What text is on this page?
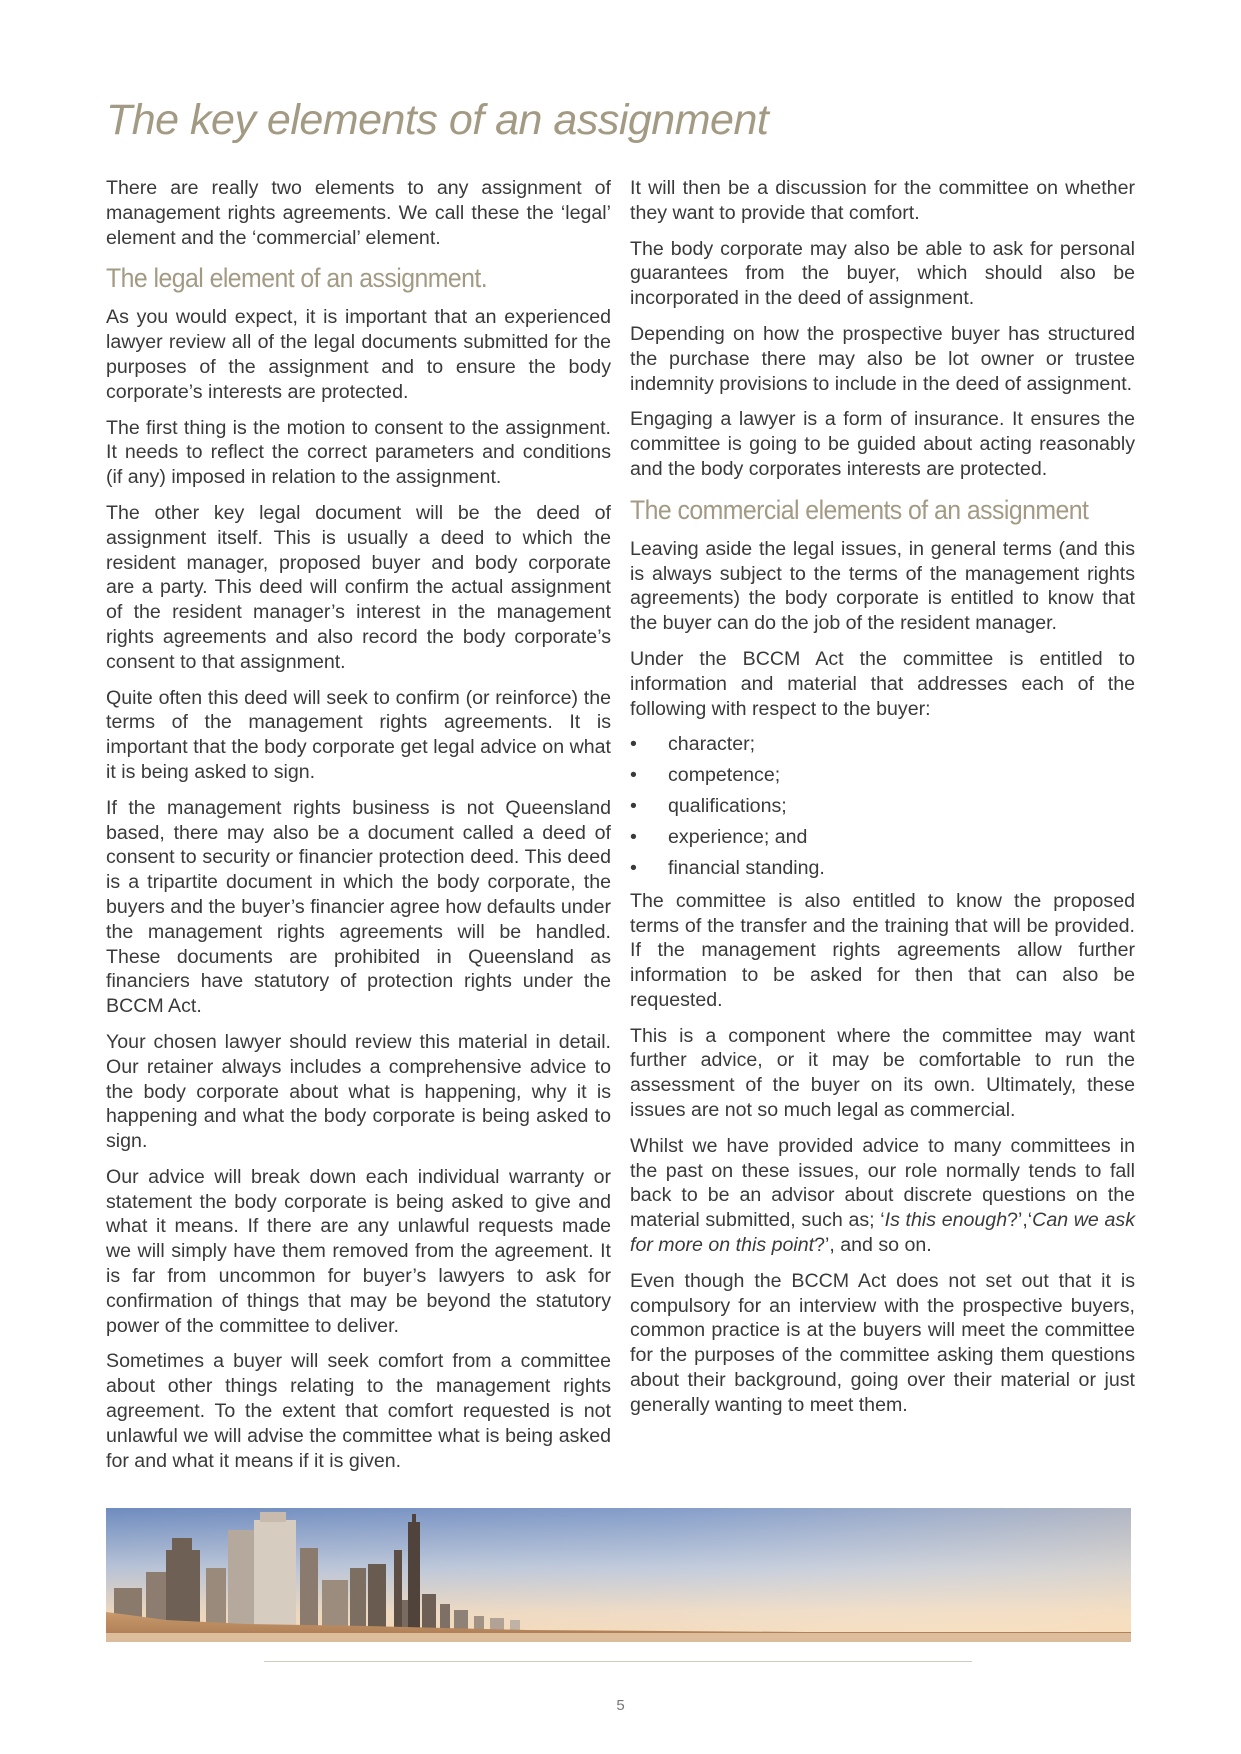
The key elements of an assignment

There are really two elements to any assignment of management rights agreements. We call these the ‘legal’ element and the ‘commercial’ element.

The legal element of an assignment.

As you would expect, it is important that an experienced lawyer review all of the legal documents submitted for the purposes of the assignment and to ensure the body corporate’s interests are protected.

The first thing is the motion to consent to the assignment. It needs to reflect the correct parameters and conditions (if any) imposed in relation to the assignment.

The other key legal document will be the deed of assignment itself. This is usually a deed to which the resident manager, proposed buyer and body corporate are a party. This deed will confirm the actual assignment of the resident manager’s interest in the management rights agreements and also record the body corporate’s consent to that assignment.

Quite often this deed will seek to confirm (or reinforce) the terms of the management rights agreements. It is important that the body corporate get legal advice on what it is being asked to sign.

If the management rights business is not Queensland based, there may also be a document called a deed of consent to security or financier protection deed. This deed is a tripartite document in which the body corporate, the buyers and the buyer’s financier agree how defaults under the management rights agreements will be handled. These documents are prohibited in Queensland as financiers have statutory of protection rights under the BCCM Act.

Your chosen lawyer should review this material in detail. Our retainer always includes a comprehensive advice to the body corporate about what is happening, why it is happening and what the body corporate is being asked to sign.

Our advice will break down each individual warranty or statement the body corporate is being asked to give and what it means. If there are any unlawful requests made we will simply have them removed from the agreement. It is far from uncommon for buyer’s lawyers to ask for confirmation of things that may be beyond the statutory power of the committee to deliver.

Sometimes a buyer will seek comfort from a committee about other things relating to the management rights agreement. To the extent that comfort requested is not unlawful we will advise the committee what is being asked for and what it means if it is given.

It will then be a discussion for the committee on whether they want to provide that comfort.

The body corporate may also be able to ask for personal guarantees from the buyer, which should also be incorporated in the deed of assignment.

Depending on how the prospective buyer has structured the purchase there may also be lot owner or trustee indemnity provisions to include in the deed of assignment.

Engaging a lawyer is a form of insurance. It ensures the committee is going to be guided about acting reasonably and the body corporates interests are protected.

The commercial elements of an assignment

Leaving aside the legal issues, in general terms (and this is always subject to the terms of the management rights agreements) the body corporate is entitled to know that the buyer can do the job of the resident manager.

Under the BCCM Act the committee is entitled to information and material that addresses each of the following with respect to the buyer:

• character;
• competence;
• qualifications;
• experience; and
• financial standing.

The committee is also entitled to know the proposed terms of the transfer and the training that will be provided. If the management rights agreements allow further information to be asked for then that can also be requested.

This is a component where the committee may want further advice, or it may be comfortable to run the assessment of the buyer on its own. Ultimately, these issues are not so much legal as commercial.

Whilst we have provided advice to many committees in the past on these issues, our role normally tends to fall back to be an advisor about discrete questions on the material submitted, such as; ‘Is this enough?’,‘Can we ask for more on this point?’, and so on.

Even though the BCCM Act does not set out that it is compulsory for an interview with the prospective buyers, common practice is at the buyers will meet the committee for the purposes of the committee asking them questions about their background, going over their material or just generally wanting to meet them.

5
